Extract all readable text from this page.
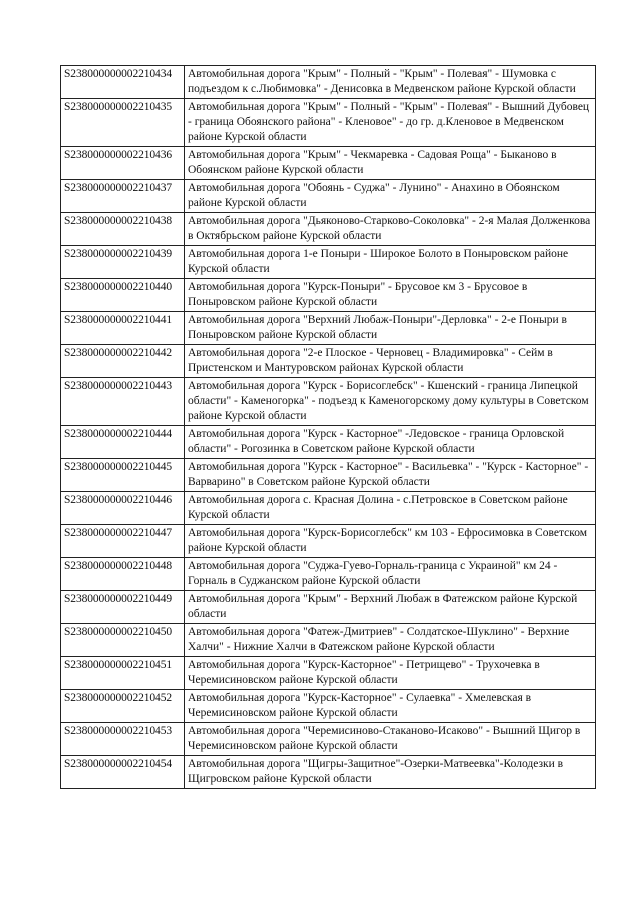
S238000000002210434	Автомобильная дорога "Крым" - Полный - "Крым" - Полевая" - Шумовка с подъездом к с.Любимовка" - Денисовка в Медвенском районе Курской области
S238000000002210435	Автомобильная дорога "Крым" - Полный - "Крым" - Полевая" - Вышний Дубовец - граница Обоянского района" - Кленовое" - до гр. д.Кленовое в Медвенском районе Курской области
S238000000002210436	Автомобильная дорога "Крым" - Чекмаревка - Садовая Роща" - Быканово в Обоянском районе Курской области
S238000000002210437	Автомобильная дорога "Обоянь - Суджа" - Лунино" - Анахино в Обоянском районе Курской области
S238000000002210438	Автомобильная дорога "Дьяконово-Старково-Соколовка" - 2-я Малая Долженкова в Октябрьском районе Курской области
S238000000002210439	Автомобильная дорога 1-е Поныри - Широкое Болото в Поныровском районе Курской области
S238000000002210440	Автомобильная дорога "Курск-Поныри" - Брусовое км 3 - Брусовое в Поныровском районе Курской области
S238000000002210441	Автомобильная дорога "Верхний Любаж-Поныри"-Дерловка" - 2-е Поныри в Поныровском районе Курской области
S238000000002210442	Автомобильная дорога "2-е Плоское - Черновец - Владимировка" - Сейм в Пристенском и Мантуровском районах Курской области
S238000000002210443	Автомобильная дорога "Курск - Борисоглебск" - Кшенский - граница Липецкой области" - Каменогорка" - подъезд к Каменогорскому дому культуры в Советском районе Курской области
S238000000002210444	Автомобильная дорога "Курск - Касторное" -Ледовское - граница Орловской области" - Рогозинка в Советском районе Курской области
S238000000002210445	Автомобильная дорога "Курск - Касторное" - Васильевка" - "Курск - Касторное" - Варварино" в Советском районе Курской области
S238000000002210446	Автомобильная дорога с. Красная Долина - с.Петровское в Советском районе Курской области
S238000000002210447	Автомобильная дорога "Курск-Борисоглебск" км 103 - Ефросимовка в Советском районе Курской области
S238000000002210448	Автомобильная дорога "Суджа-Гуево-Горналь-граница с Украиной" км 24 - Горналь в Суджанском районе Курской области
S238000000002210449	Автомобильная дорога "Крым" - Верхний Любаж в Фатежском районе Курской области
S238000000002210450	Автомобильная дорога "Фатеж-Дмитриев" - Солдатское-Шуклино" - Верхние Халчи" - Нижние Халчи в Фатежском районе Курской области
S238000000002210451	Автомобильная дорога "Курск-Касторное" - Петрищево" - Трухочевка в Черемисиновском районе Курской области
S238000000002210452	Автомобильная дорога "Курск-Касторное" - Сулаевка" - Хмелевская в Черемисиновском районе Курской области
S238000000002210453	Автомобильная дорога "Черемисиново-Стаканово-Исаково" - Вышний Щигор в Черемисиновском районе Курской области
S238000000002210454	Автомобильная дорога "Щигры-Защитное"-Озерки-Матвеевка"-Колодезки в Щигровском районе Курской области
